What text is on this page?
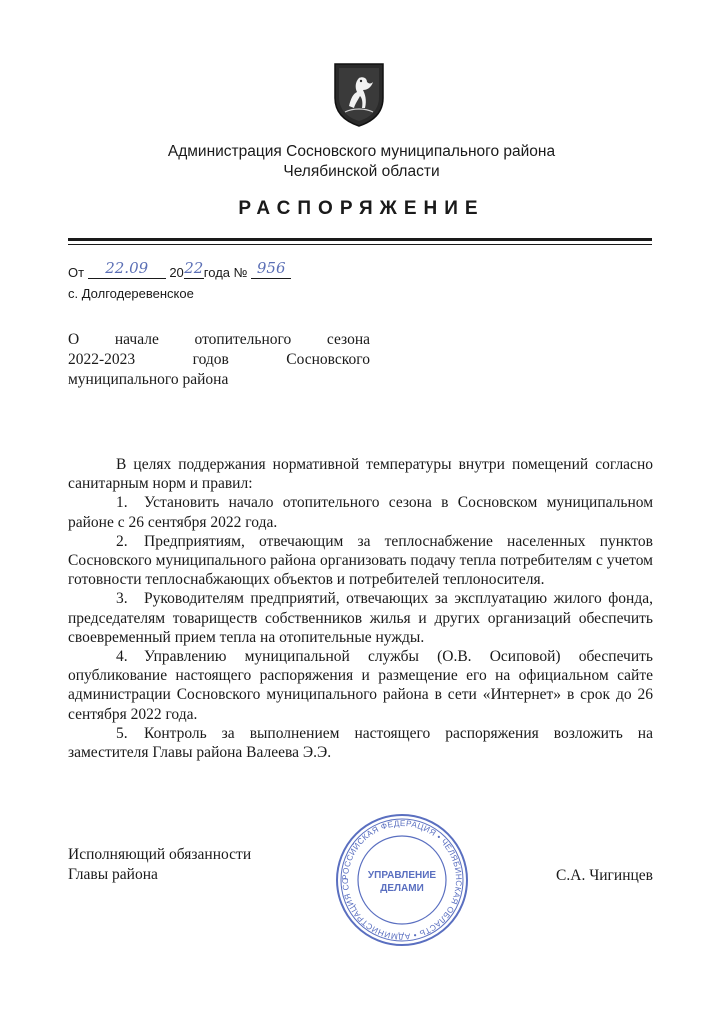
Администрация Сосновского муниципального района
Челябинской области
РАСПОРЯЖЕНИЕ
От 22.09 2022года № 956
с. Долгодеревенское
О начале отопительного сезона
2022-2023 годов Сосновского
муниципального района

В целях поддержания нормативной температуры внутри помещений согласно санитарным норм и правил:

1. Установить начало отопительного сезона в Сосновском муниципальном районе с 26 сентября 2022 года.

2. Предприятиям, отвечающим за теплоснабжение населенных пунктов Сосновского муниципального района организовать подачу тепла потребителям с учетом готовности теплоснабжающих объектов и потребителей теплоносителя.

3. Руководителям предприятий, отвечающих за эксплуатацию жилого фонда, председателям товариществ собственников жилья и других организаций обеспечить своевременный прием тепла на отопительные нужды.

4. Управлению муниципальной службы (О.В. Осиповой) обеспечить опубликование настоящего распоряжения и размещение его на официальном сайте администрации Сосновского муниципального района в сети «Интернет» в срок до 26 сентября 2022 года.

5. Контроль за выполнением настоящего распоряжения возложить на заместителя Главы района Валеева Э.Э.

Исполняющий обязанности
Главы района	С.А. Чигинцев
РОССИЙСКАЯ ФЕДЕРАЦИЯ • ЧЕЛЯБИНСКАЯ ОБЛАСТЬ • АДМИНИСТРАЦИЯ СО	УПРАВЛЕНИЕ
ДЕЛАМИ
